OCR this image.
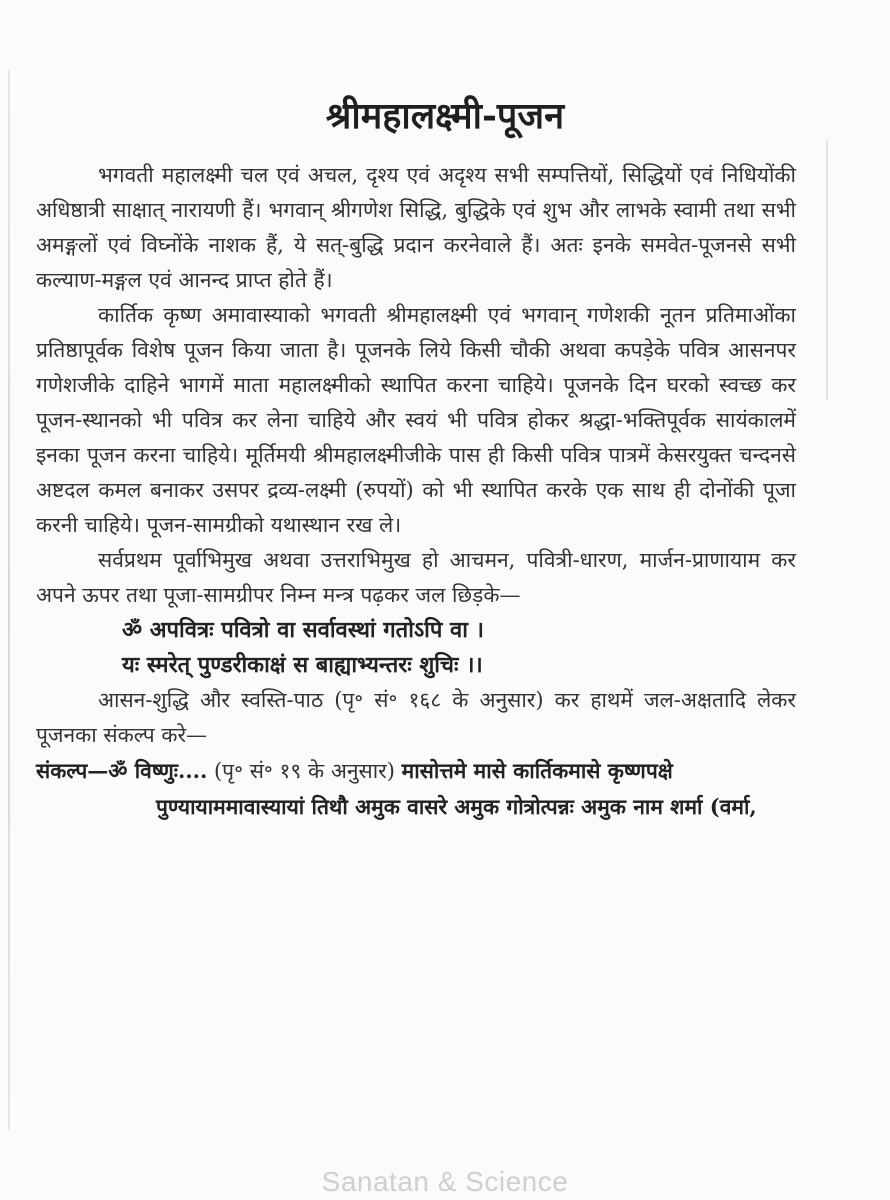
श्रीमहालक्ष्मी-पूजन

भगवती महालक्ष्मी चल एवं अचल, दृश्य एवं अदृश्य सभी सम्पत्तियों, सिद्धियों एवं निधियोंकी अधिष्ठात्री साक्षात् नारायणी हैं। भगवान् श्रीगणेश सिद्धि, बुद्धिके एवं शुभ और लाभके स्वामी तथा सभी अमङ्गलों एवं विघ्नोंके नाशक हैं, ये सत्-बुद्धि प्रदान करनेवाले हैं। अतः इनके समवेत-पूजनसे सभी कल्याण-मङ्गल एवं आनन्द प्राप्त होते हैं।

कार्तिक कृष्ण अमावास्याको भगवती श्रीमहालक्ष्मी एवं भगवान् गणेशकी नूतन प्रतिमाओंका प्रतिष्ठापूर्वक विशेष पूजन किया जाता है। पूजनके लिये किसी चौकी अथवा कपड़ेके पवित्र आसनपर गणेशजीके दाहिने भागमें माता महालक्ष्मीको स्थापित करना चाहिये। पूजनके दिन घरको स्वच्छ कर पूजन-स्थानको भी पवित्र कर लेना चाहिये और स्वयं भी पवित्र होकर श्रद्धा-भक्तिपूर्वक सायंकालमें इनका पूजन करना चाहिये। मूर्तिमयी श्रीमहालक्ष्मीजीके पास ही किसी पवित्र पात्रमें केसरयुक्त चन्दनसे अष्टदल कमल बनाकर उसपर द्रव्य-लक्ष्मी (रुपयों) को भी स्थापित करके एक साथ ही दोनोंकी पूजा करनी चाहिये। पूजन-सामग्रीको यथास्थान रख ले।

सर्वप्रथम पूर्वाभिमुख अथवा उत्तराभिमुख हो आचमन, पवित्री-धारण, मार्जन-प्राणायाम कर अपने ऊपर तथा पूजा-सामग्रीपर निम्न मन्त्र पढ़कर जल छिड़के—

ॐ अपवित्रः पवित्रो वा सर्वावस्थां गतोऽपि वा ।

यः स्मरेत् पुण्डरीकाक्षं स बाह्याभ्यन्तरः शुचिः ।।

आसन-शुद्धि और स्वस्ति-पाठ (पृ॰ सं॰ १६८ के अनुसार) कर हाथमें जल-अक्षतादि लेकर पूजनका संकल्प करे—

संकल्प—ॐ विष्णुः.... (पृ॰ सं॰ १९ के अनुसार) मासोत्तमे मासे कार्तिकमासे कृष्णपक्षे पुण्यायाममावास्यायां तिथौ अमुक वासरे अमुक गोत्रोत्पन्नः अमुक नाम शर्मा (वर्मा,

Sanatan & Science
